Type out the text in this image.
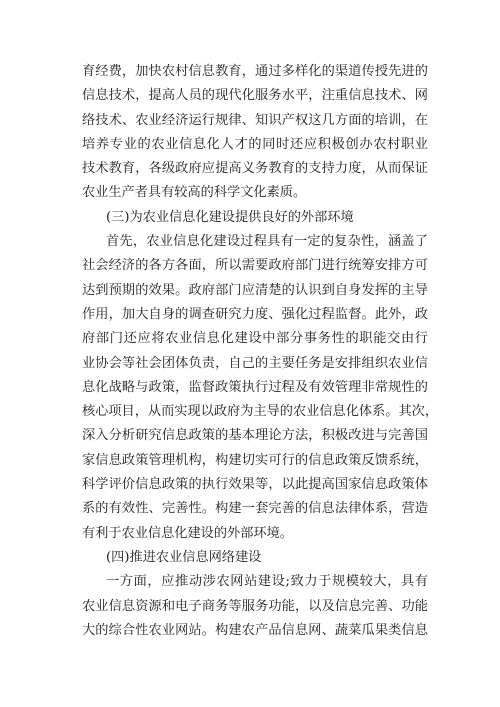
育经费，加快农村信息教育，通过多样化的渠道传授先进的
信息技术，提高人员的现代化服务水平，注重信息技术、网
络技术、农业经济运行规律、知识产权这几方面的培训，在
培养专业的农业信息化人才的同时还应积极创办农村职业
技术教育，各级政府应提高义务教育的支持力度，从而保证
农业生产者具有较高的科学文化素质。
(三)为农业信息化建设提供良好的外部环境
首先，农业信息化建设过程具有一定的复杂性，涵盖了
社会经济的各方各面，所以需要政府部门进行统筹安排方可
达到预期的效果。政府部门应清楚的认识到自身发挥的主导
作用，加大自身的调查研究力度、强化过程监督。此外，政
府部门还应将农业信息化建设中部分事务性的职能交由行
业协会等社会团体负责，自己的主要任务是安排组织农业信
息化战略与政策，监督政策执行过程及有效管理非常规性的
核心项目，从而实现以政府为主导的农业信息化体系。其次，
深入分析研究信息政策的基本理论方法，积极改进与完善国
家信息政策管理机构，构建切实可行的信息政策反馈系统，
科学评价信息政策的执行效果等，以此提高国家信息政策体
系的有效性、完善性。构建一套完善的信息法律体系，营造
有利于农业信息化建设的外部环境。
(四)推进农业信息网络建设
一方面，应推动涉农网站建设;致力于规模较大，具有
农业信息资源和电子商务等服务功能，以及信息完善、功能
大的综合性农业网站。构建农产品信息网、蔬菜瓜果类信息
